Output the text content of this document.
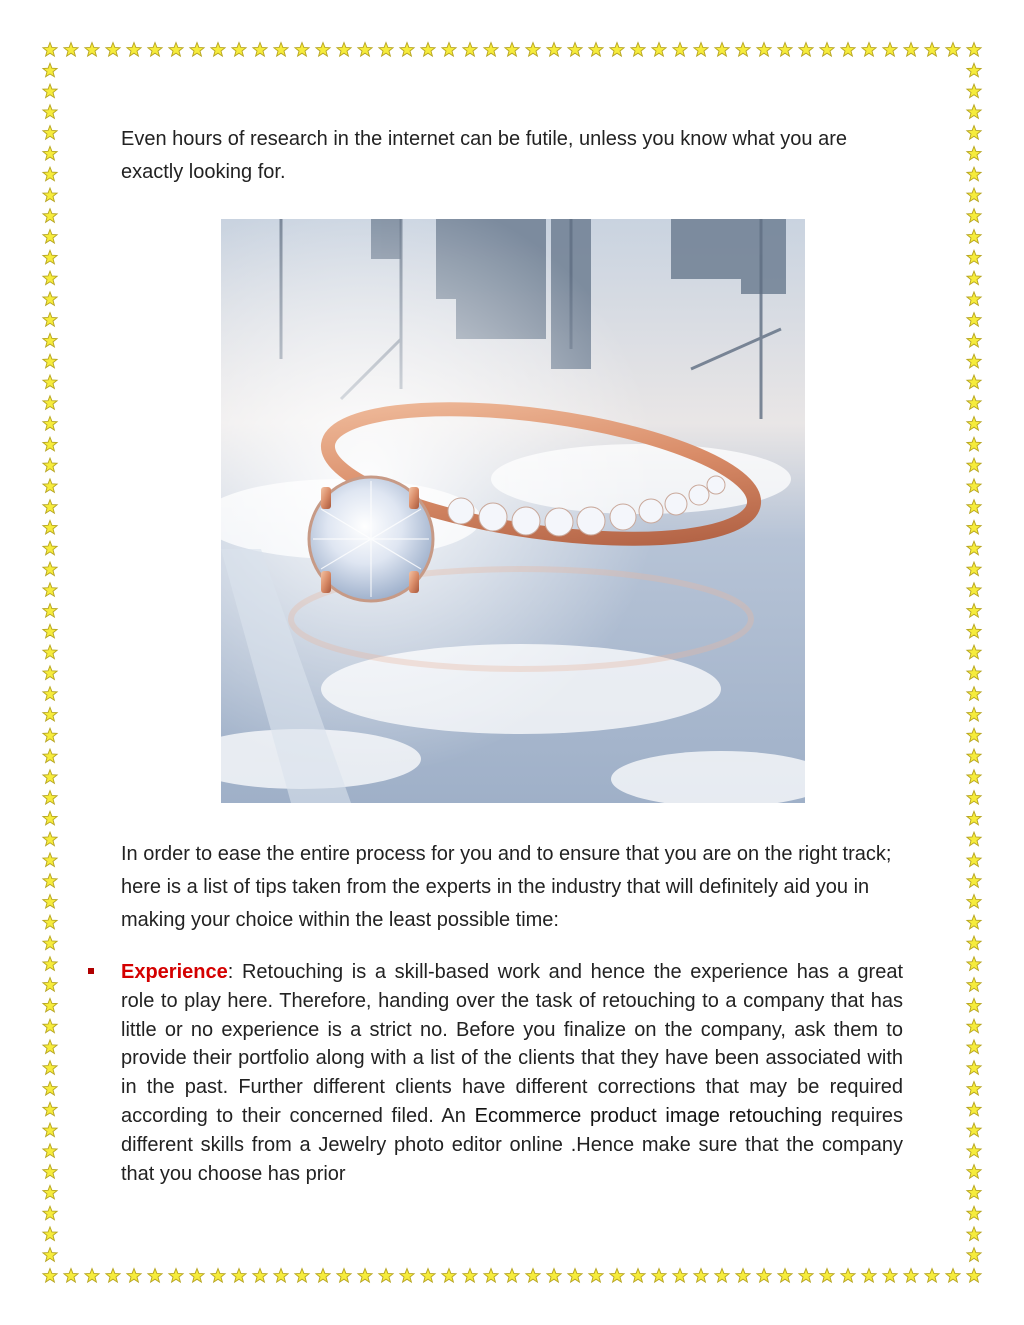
Even hours of research in the internet can be futile, unless you know what you are exactly looking for.

In order to ease the entire process for you and to ensure that you are on the right track; here is a list of tips taken from the experts in the industry that will definitely aid you in making your choice within the least possible time:

Experience: Retouching is a skill-based work and hence the experience has a great role to play here. Therefore, handing over the task of retouching to a company that has little or no experience is a strict no. Before you finalize on the company, ask them to provide their portfolio along with a list of the clients that they have been associated with in the past. Further different clients have different corrections that may be required according to their concerned filed. An Ecommerce product image retouching requires different skills from a Jewelry photo editor online .Hence make sure that the company that you choose has prior
